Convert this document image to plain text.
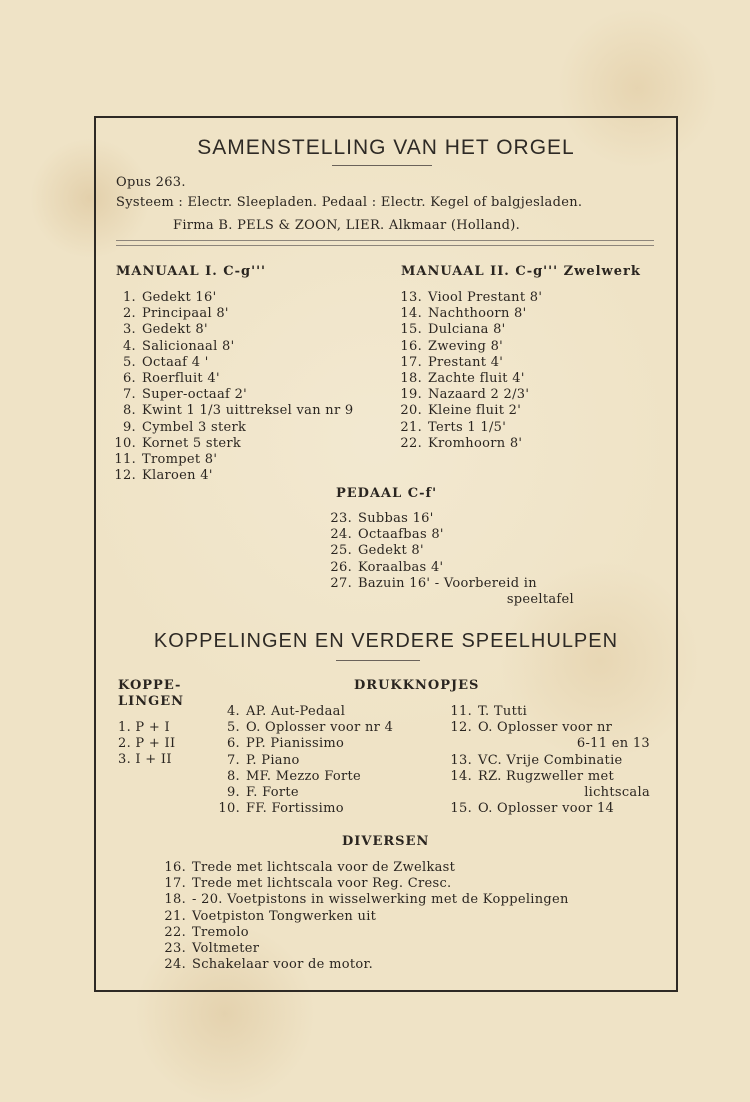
SAMENSTELLING VAN HET ORGEL
Opus 263.
Systeem : Electr. Sleepladen. Pedaal : Electr. Kegel of balgjesladen.
Firma B. PELS & ZOON, LIER. Alkmaar (Holland).
MANUAAL I. C-g'''	MANUAAL II. C-g''' Zwelwerk
1. Gedekt 16'
2. Principaal 8'
3. Gedekt 8'
4. Salicionaal 8'
5. Octaaf 4 '
6. Roerfluit 4'
7. Super-octaaf 2'
8. Kwint 1 1/3 uittreksel van nr 9
9. Cymbel 3 sterk
10. Kornet 5 sterk
11. Trompet 8'
12. Klaroen 4'
13. Viool Prestant 8'
14. Nachthoorn 8'
15. Dulciana 8'
16. Zweving 8'
17. Prestant 4'
18. Zachte fluit 4'
19. Nazaard 2 2/3'
20. Kleine fluit 2'
21. Terts 1 1/5'
22. Kromhoorn 8'
PEDAAL C-f'
23. Subbas 16'
24. Octaafbas 8'
25. Gedekt 8'
26. Koraalbas 4'
27. Bazuin 16' - Voorbereid in
speeltafel
KOPPELINGEN EN VERDERE SPEELHULPEN
KOPPE-
LINGEN
1. P + I
2. P + II
3. I + II
DRUKKNOPJES
4. AP. Aut-Pedaal
5. O. Oplosser voor nr 4
6. PP. Pianissimo
7. P. Piano
8. MF. Mezzo Forte
9. F. Forte
10. FF. Fortissimo
11. T. Tutti
12. O. Oplosser voor nr
6-11 en 13
13. VC. Vrije Combinatie
14. RZ. Rugzweller met
lichtscala
15. O. Oplosser voor 14
DIVERSEN
16. Trede met lichtscala voor de Zwelkast
17. Trede met lichtscala voor Reg. Cresc.
18. - 20. Voetpistons in wisselwerking met de Koppelingen
21. Voetpiston Tongwerken uit
22. Tremolo
23. Voltmeter
24. Schakelaar voor de motor.
